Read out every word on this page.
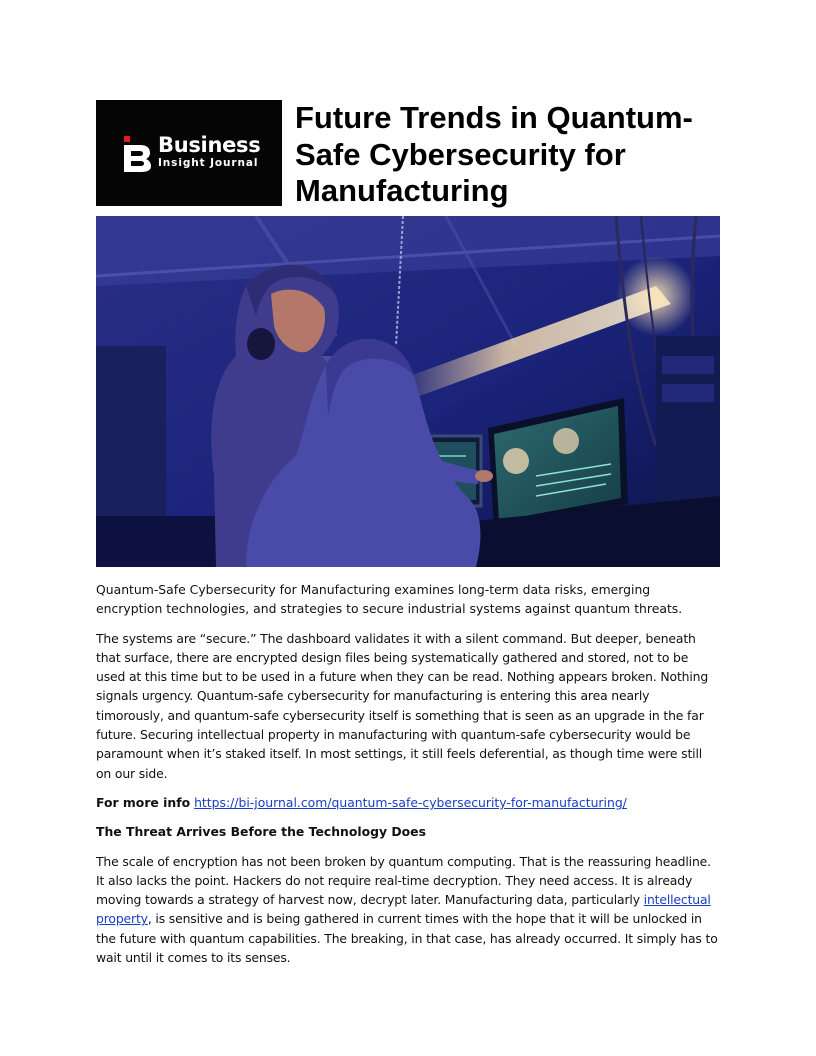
Business
Insight Journal
Future Trends in Quantum-Safe Cybersecurity for Manufacturing

Quantum-Safe Cybersecurity for Manufacturing examines long-term data risks, emerging encryption technologies, and strategies to secure industrial systems against quantum threats.

The systems are “secure.” The dashboard validates it with a silent command. But deeper, beneath that surface, there are encrypted design files being systematically gathered and stored, not to be used at this time but to be used in a future when they can be read. Nothing appears broken. Nothing signals urgency. Quantum-safe cybersecurity for manufacturing is entering this area nearly timorously, and quantum-safe cybersecurity itself is something that is seen as an upgrade in the far future. Securing intellectual property in manufacturing with quantum-safe cybersecurity would be paramount when it’s staked itself. In most settings, it still feels deferential, as though time were still on our side.

For more info https://bi-journal.com/quantum-safe-cybersecurity-for-manufacturing/

The Threat Arrives Before the Technology Does

The scale of encryption has not been broken by quantum computing. That is the reassuring headline. It also lacks the point. Hackers do not require real-time decryption. They need access. It is already moving towards a strategy of harvest now, decrypt later. Manufacturing data, particularly intellectual property, is sensitive and is being gathered in current times with the hope that it will be unlocked in the future with quantum capabilities. The breaking, in that case, has already occurred. It simply has to wait until it comes to its senses.
